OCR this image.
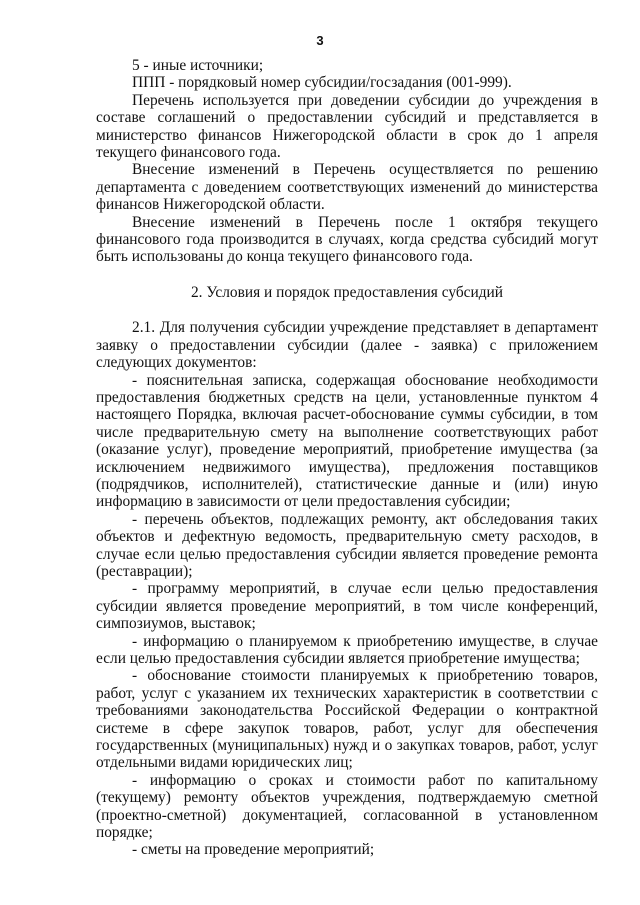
3

5 - иные источники;

ППП - порядковый номер субсидии/госзадания (001-999).

Перечень используется при доведении субсидии до учреждения в составе соглашений о предоставлении субсидий и представляется в министерство финансов Нижегородской области в срок до 1 апреля текущего финансового года.

Внесение изменений в Перечень осуществляется по решению департамента с доведением соответствующих изменений до министерства финансов Нижегородской области.

Внесение изменений в Перечень после 1 октября текущего финансового года производится в случаях, когда средства субсидий могут быть использованы до конца текущего финансового года.

2. Условия и порядок предоставления субсидий

2.1. Для получения субсидии учреждение представляет в департамент заявку о предоставлении субсидии (далее - заявка) с приложением следующих документов:

- пояснительная записка, содержащая обоснование необходимости предоставления бюджетных средств на цели, установленные пунктом 4 настоящего Порядка, включая расчет-обоснование суммы субсидии, в том числе предварительную смету на выполнение соответствующих работ (оказание услуг), проведение мероприятий, приобретение имущества (за исключением недвижимого имущества), предложения поставщиков (подрядчиков, исполнителей), статистические данные и (или) иную информацию в зависимости от цели предоставления субсидии;

- перечень объектов, подлежащих ремонту, акт обследования таких объектов и дефектную ведомость, предварительную смету расходов, в случае если целью предоставления субсидии является проведение ремонта (реставрации);

- программу мероприятий, в случае если целью предоставления субсидии является проведение мероприятий, в том числе конференций, симпозиумов, выставок;

- информацию о планируемом к приобретению имуществе, в случае если целью предоставления субсидии является приобретение имущества;

- обоснование стоимости планируемых к приобретению товаров, работ, услуг с указанием их технических характеристик в соответствии с требованиями законодательства Российской Федерации о контрактной системе в сфере закупок товаров, работ, услуг для обеспечения государственных (муниципальных) нужд и о закупках товаров, работ, услуг отдельными видами юридических лиц;

- информацию о сроках и стоимости работ по капитальному (текущему) ремонту объектов учреждения, подтверждаемую сметной (проектно-сметной) документацией, согласованной в установленном порядке;

- сметы на проведение мероприятий;
